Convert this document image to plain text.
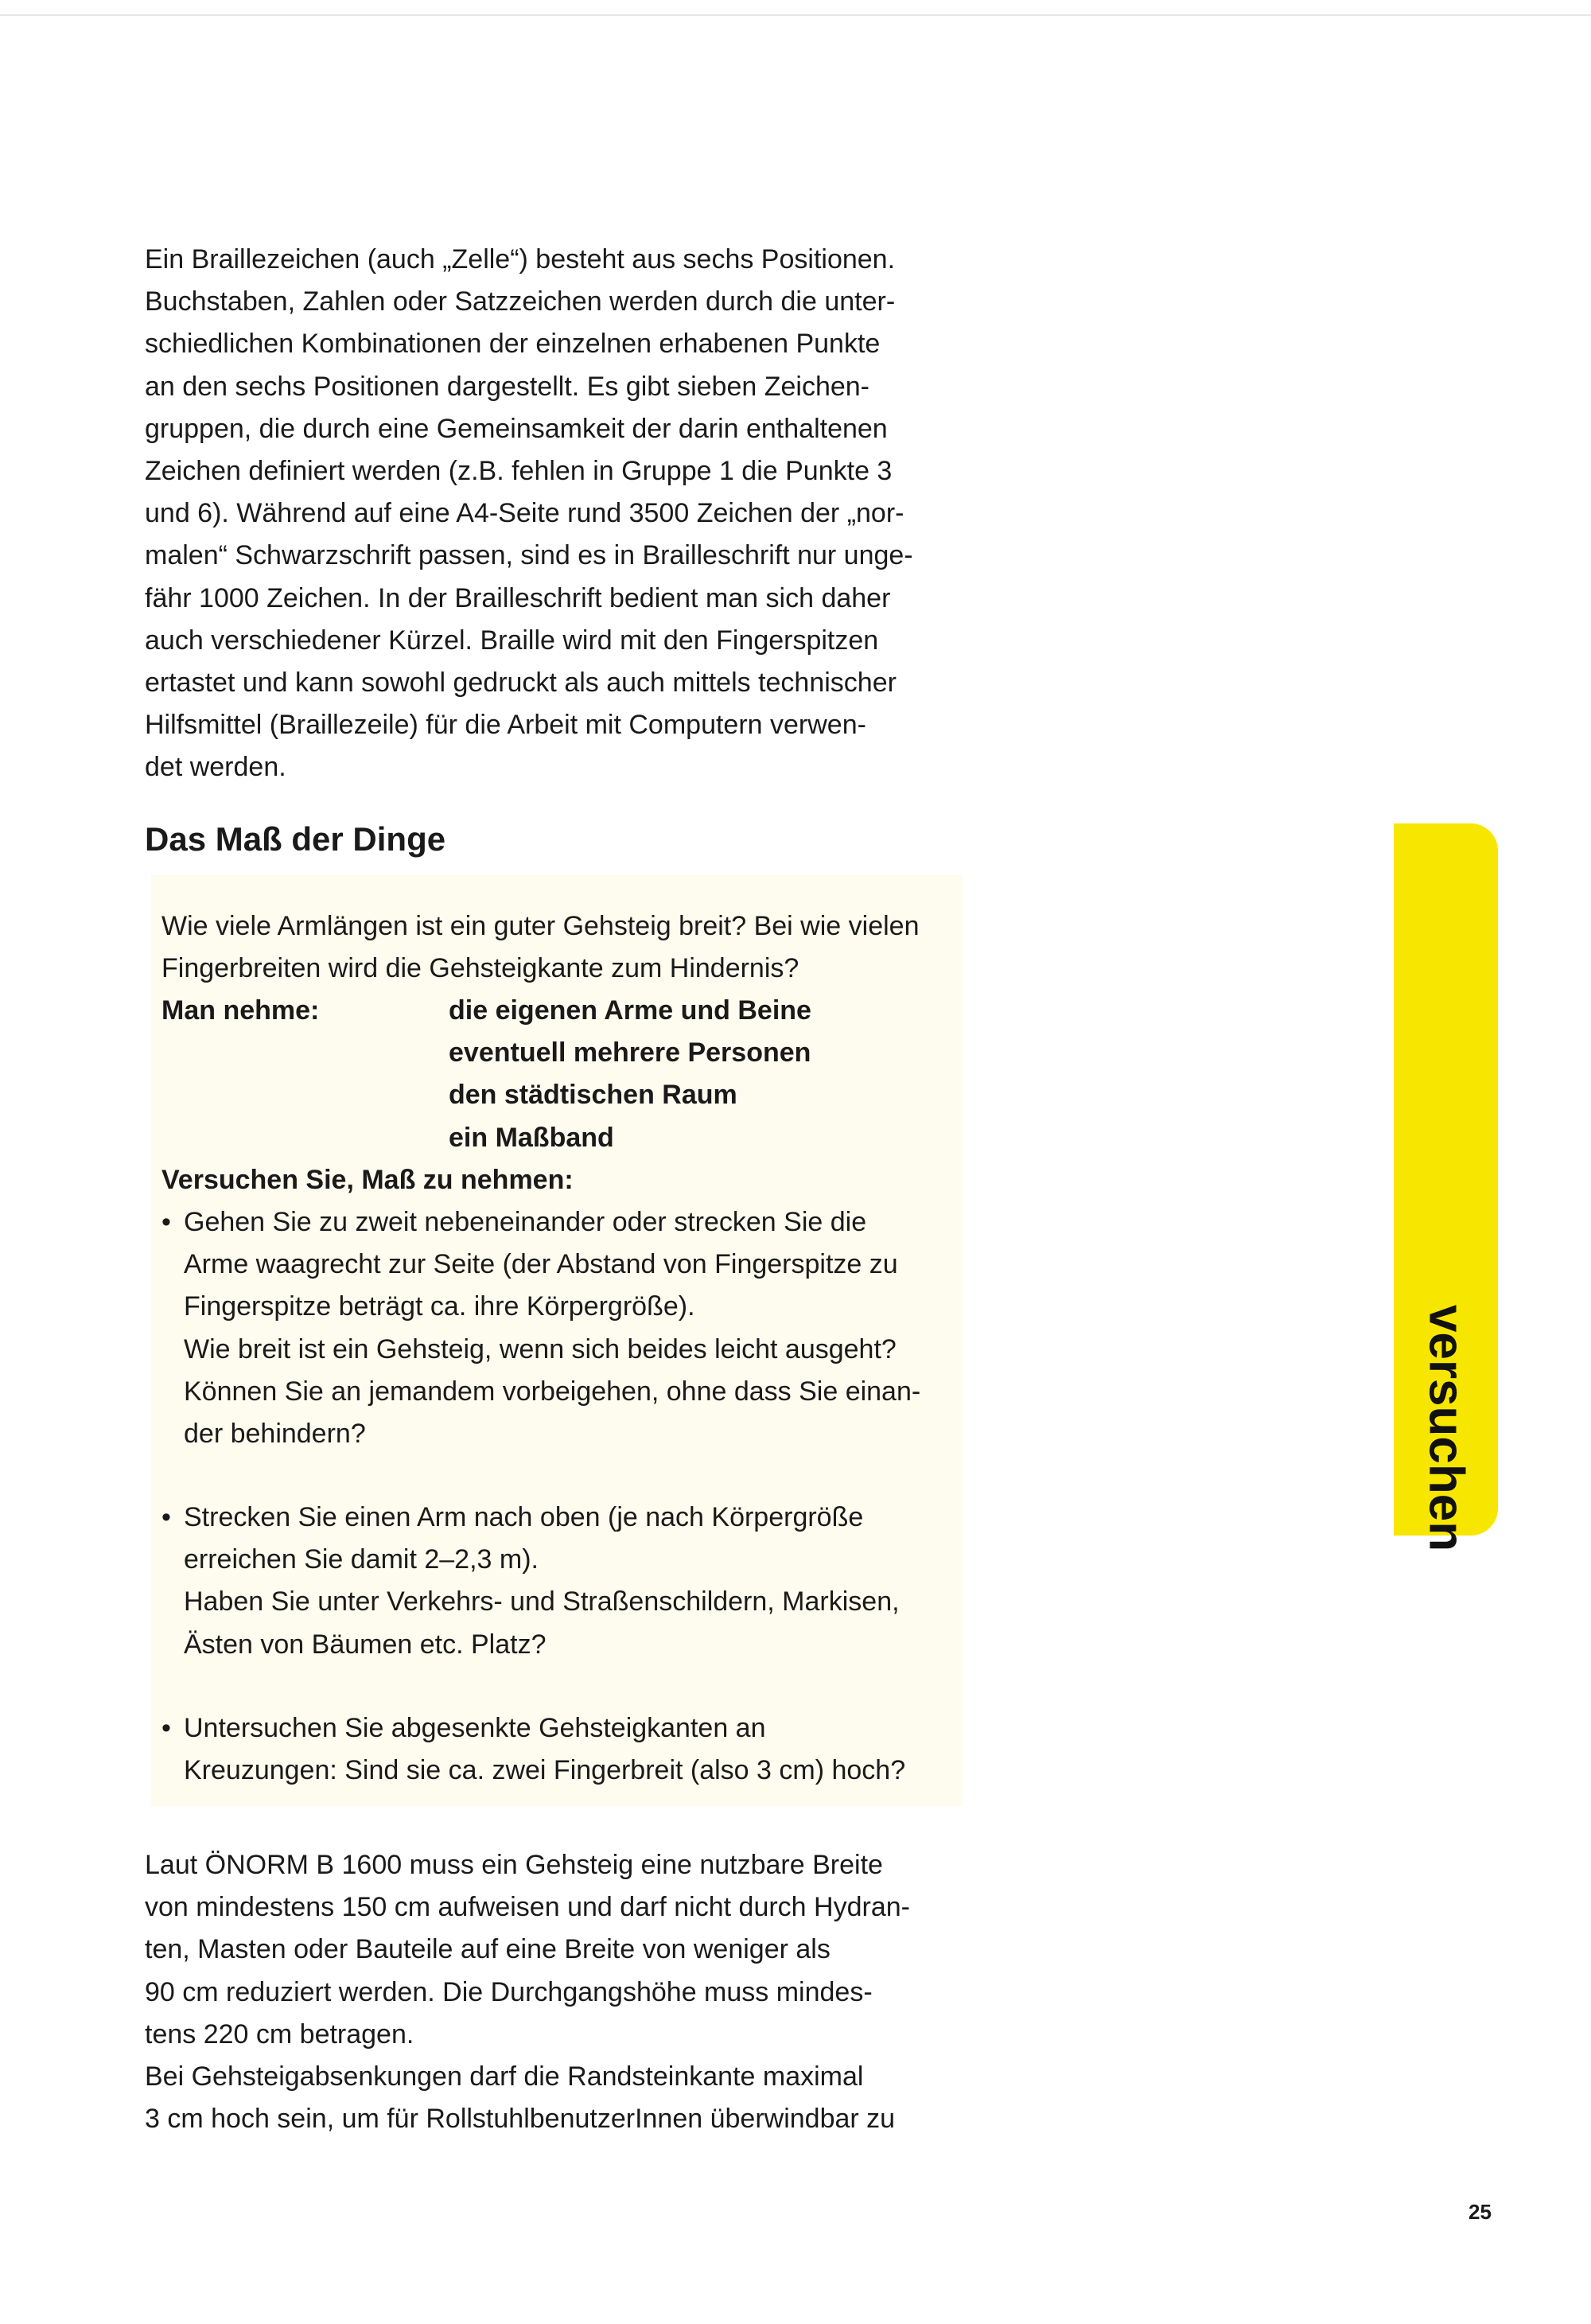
Ein Braillezeichen (auch „Zelle“) besteht aus sechs Positionen.
Buchstaben, Zahlen oder Satzzeichen werden durch die unter-
schiedlichen Kombinationen der einzelnen erhabenen Punkte
an den sechs Positionen dargestellt. Es gibt sieben Zeichen-
gruppen, die durch eine Gemeinsamkeit der darin enthaltenen
Zeichen definiert werden (z.B. fehlen in Gruppe 1 die Punkte 3
und 6). Während auf eine A4-Seite rund 3500 Zeichen der „nor-
malen“ Schwarzschrift passen, sind es in Brailleschrift nur unge-
fähr 1000 Zeichen. In der Brailleschrift bedient man sich daher
auch verschiedener Kürzel. Braille wird mit den Fingerspitzen
ertastet und kann sowohl gedruckt als auch mittels technischer
Hilfsmittel (Braillezeile) für die Arbeit mit Computern verwen-
det werden.
Das Maß der Dinge
Wie viele Armlängen ist ein guter Gehsteig breit? Bei wie vielen
Fingerbreiten wird die Gehsteigkante zum Hindernis?
Man nehme:	die eigenen Arme und Beine
eventuell mehrere Personen
den städtischen Raum
ein Maßband
Versuchen Sie, Maß zu nehmen:
• Gehen Sie zu zweit nebeneinander oder strecken Sie die
Arme waagrecht zur Seite (der Abstand von Fingerspitze zu
Fingerspitze beträgt ca. ihre Körpergröße).
Wie breit ist ein Gehsteig, wenn sich beides leicht ausgeht?
Können Sie an jemandem vorbeigehen, ohne dass Sie einan-
der behindern?
• Strecken Sie einen Arm nach oben (je nach Körpergröße
erreichen Sie damit 2–2,3 m).
Haben Sie unter Verkehrs- und Straßenschildern, Markisen,
Ästen von Bäumen etc. Platz?
• Untersuchen Sie abgesenkte Gehsteigkanten an
Kreuzungen: Sind sie ca. zwei Fingerbreit (also 3 cm) hoch?
Laut ÖNORM B 1600 muss ein Gehsteig eine nutzbare Breite
von mindestens 150 cm aufweisen und darf nicht durch Hydran-
ten, Masten oder Bauteile auf eine Breite von weniger als
90 cm reduziert werden. Die Durchgangshöhe muss mindes-
tens 220 cm betragen.
Bei Gehsteigabsenkungen darf die Randsteinkante maximal
3 cm hoch sein, um für RollstuhlbenutzerInnen überwindbar zu
versuchen
25
